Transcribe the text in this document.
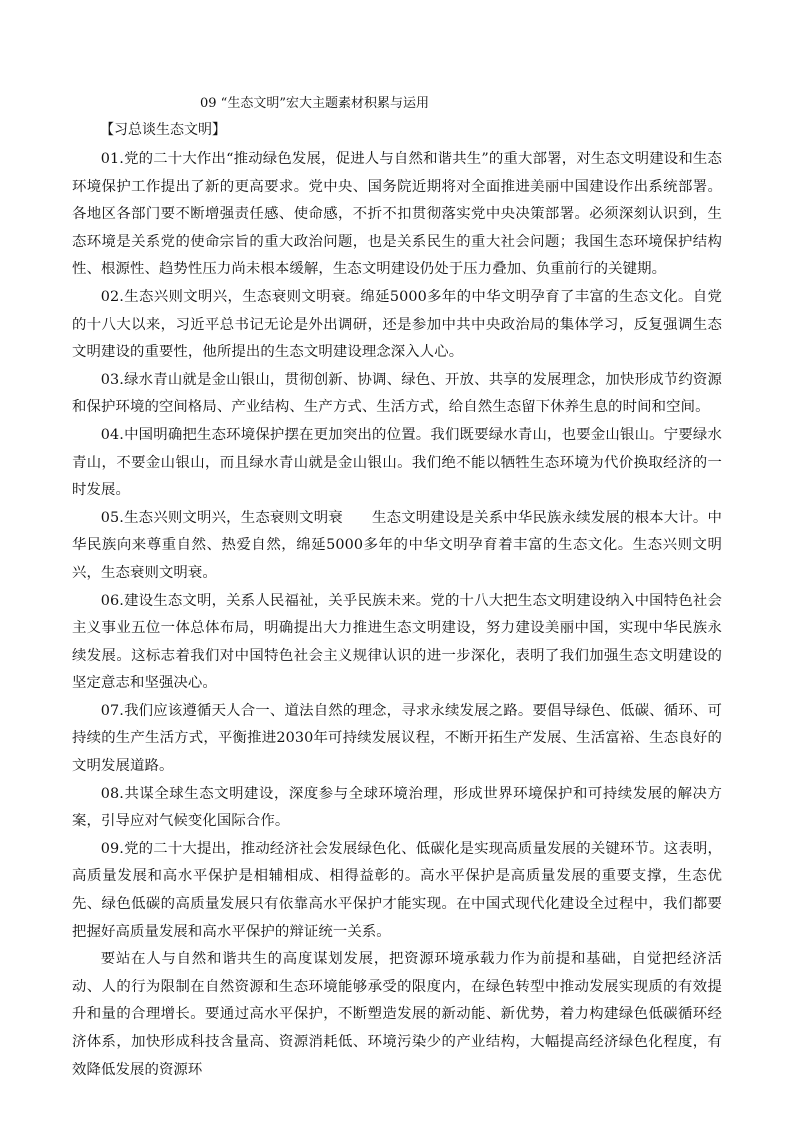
09 “生态文明”宏大主题素材积累与运用
【习总谈生态文明】

01.党的二十大作出“推动绿色发展，促进人与自然和谐共生”的重大部署，对生态文明建设和生态环境保护工作提出了新的更高要求。党中央、国务院近期将对全面推进美丽中国建设作出系统部署。各地区各部门要不断增强责任感、使命感，不折不扣贯彻落实党中央决策部署。必须深刻认识到，生态环境是关系党的使命宗旨的重大政治问题，也是关系民生的重大社会问题；我国生态环境保护结构性、根源性、趋势性压力尚未根本缓解，生态文明建设仍处于压力叠加、负重前行的关键期。

02.生态兴则文明兴，生态衰则文明衰。绵延5000多年的中华文明孕育了丰富的生态文化。自党的十八大以来，习近平总书记无论是外出调研，还是参加中共中央政治局的集体学习，反复强调生态文明建设的重要性，他所提出的生态文明建设理念深入人心。

03.绿水青山就是金山银山，贯彻创新、协调、绿色、开放、共享的发展理念，加快形成节约资源和保护环境的空间格局、产业结构、生产方式、生活方式，给自然生态留下休养生息的时间和空间。

04.中国明确把生态环境保护摆在更加突出的位置。我们既要绿水青山，也要金山银山。宁要绿水青山，不要金山银山，而且绿水青山就是金山银山。我们绝不能以牺牲生态环境为代价换取经济的一时发展。

05.生态兴则文明兴，生态衰则文明衰　　生态文明建设是关系中华民族永续发展的根本大计。中华民族向来尊重自然、热爱自然，绵延5000多年的中华文明孕育着丰富的生态文化。生态兴则文明兴，生态衰则文明衰。

06.建设生态文明，关系人民福祉，关乎民族未来。党的十八大把生态文明建设纳入中国特色社会主义事业五位一体总体布局，明确提出大力推进生态文明建设，努力建设美丽中国，实现中华民族永续发展。这标志着我们对中国特色社会主义规律认识的进一步深化，表明了我们加强生态文明建设的坚定意志和坚强决心。

07.我们应该遵循天人合一、道法自然的理念，寻求永续发展之路。要倡导绿色、低碳、循环、可持续的生产生活方式，平衡推进2030年可持续发展议程，不断开拓生产发展、生活富裕、生态良好的文明发展道路。

08.共谋全球生态文明建设，深度参与全球环境治理，形成世界环境保护和可持续发展的解决方案，引导应对气候变化国际合作。

09.党的二十大提出，推动经济社会发展绿色化、低碳化是实现高质量发展的关键环节。这表明，高质量发展和高水平保护是相辅相成、相得益彰的。高水平保护是高质量发展的重要支撑，生态优先、绿色低碳的高质量发展只有依靠高水平保护才能实现。在中国式现代化建设全过程中，我们都要把握好高质量发展和高水平保护的辩证统一关系。

要站在人与自然和谐共生的高度谋划发展，把资源环境承载力作为前提和基础，自觉把经济活动、人的行为限制在自然资源和生态环境能够承受的限度内，在绿色转型中推动发展实现质的有效提升和量的合理增长。要通过高水平保护，不断塑造发展的新动能、新优势，着力构建绿色低碳循环经济体系，加快形成科技含量高、资源消耗低、环境污染少的产业结构，大幅提高经济绿色化程度，有效降低发展的资源环
